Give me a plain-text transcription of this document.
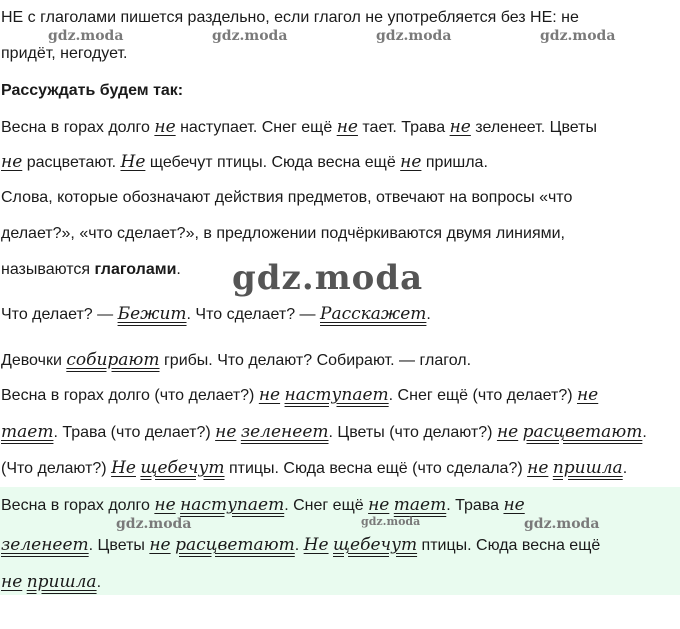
НЕ с глаголами пишется раздельно, если глагол не употребляется без НЕ: не
придёт, негодует.
gdz.moda	gdz.moda	gdz.moda	gdz.moda
Рассуждать будем так:
Весна в горах долго не наступает. Снег ещё не тает. Трава не зеленеет. Цветы
не расцветают. Не щебечут птицы. Сюда весна ещё не пришла.
Слова, которые обозначают действия предметов, отвечают на вопросы «что
делает?», «что сделает?», в предложении подчёркиваются двумя линиями,
называются глаголами. gdz.moda
Что делает? — Бежит. Что сделает? — Расскажет.
Девочки собирают грибы. Что делают? Собирают. — глагол.
Весна в горах долго (что делает?) не наступает. Снег ещё (что делает?) не
тает. Трава (что делает?) не зеленеет. Цветы (что делают?) не расцветают.
(Что делают?) Не щебечут птицы. Сюда весна ещё (что сделала?) не пришла.
Весна в горах долго не наступает. Снег ещё не тает. Трава не
зеленеет. Цветы не расцветают. Не щебечут птицы. Сюда весна ещё
не пришла.
gdz.moda	gdz.moda	gdz.moda
